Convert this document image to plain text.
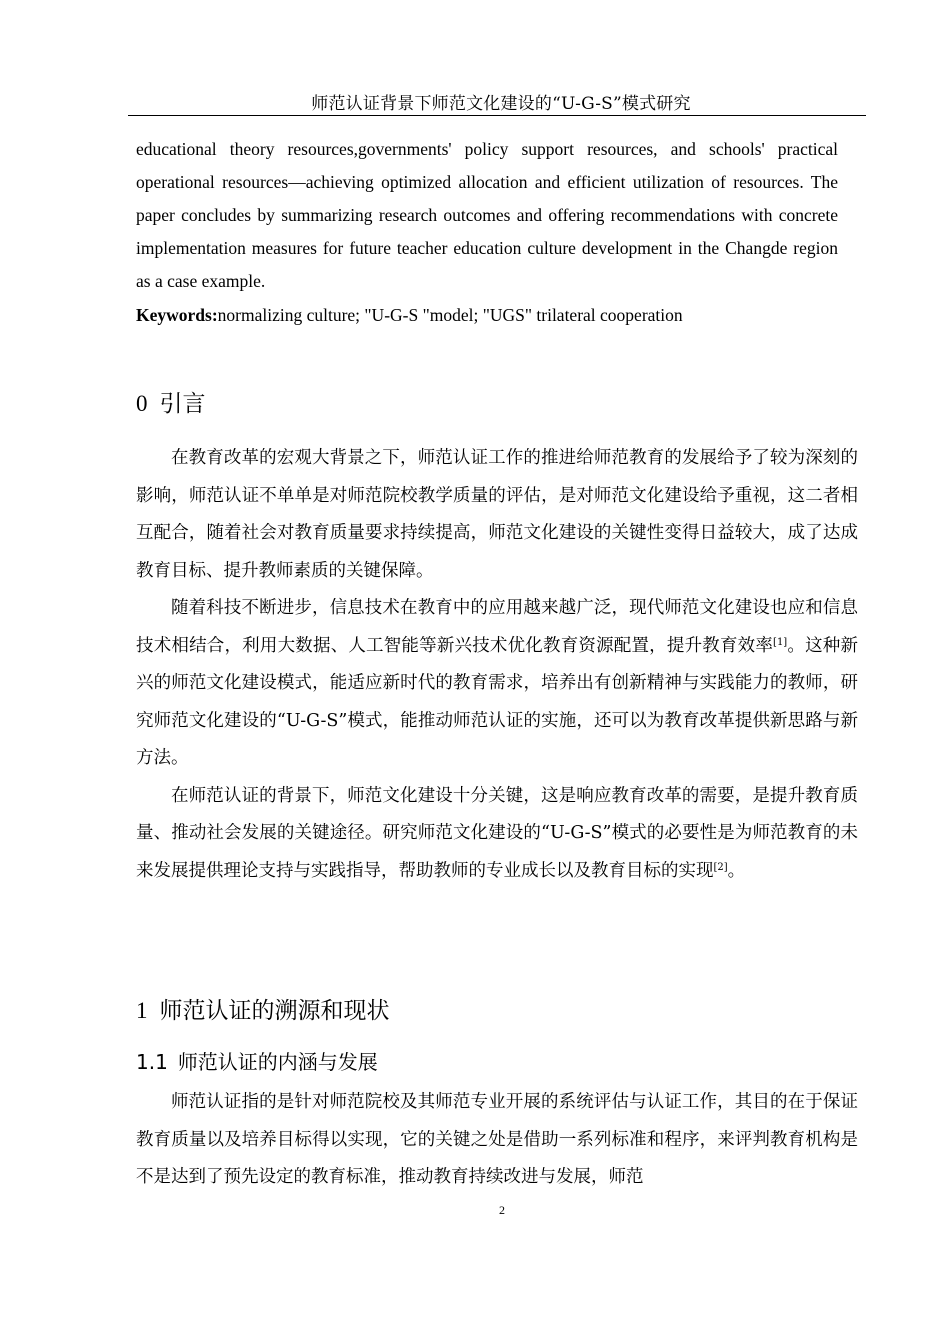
师范认证背景下师范文化建设的“U-G-S”模式研究

educational theory resources,governments' policy support resources, and schools' practical operational resources—achieving optimized allocation and efficient utilization of resources. The paper concludes by summarizing research outcomes and offering recommendations with concrete implementation measures for future teacher education culture development in the Changde region as a case example.

Keywords:normalizing culture; "U-G-S "model; "UGS" trilateral cooperation
0 引言

在教育改革的宏观大背景之下，师范认证工作的推进给师范教育的发展给予了较为深刻的影响，师范认证不单单是对师范院校教学质量的评估，是对师范文化建设给予重视，这二者相互配合，随着社会对教育质量要求持续提高，师范文化建设的关键性变得日益较大，成了达成教育目标、提升教师素质的关键保障。

随着科技不断进步，信息技术在教育中的应用越来越广泛，现代师范文化建设也应和信息技术相结合，利用大数据、人工智能等新兴技术优化教育资源配置，提升教育效率[1]。这种新兴的师范文化建设模式，能适应新时代的教育需求，培养出有创新精神与实践能力的教师，研究师范文化建设的“U-G-S”模式，能推动师范认证的实施，还可以为教育改革提供新思路与新方法。

在师范认证的背景下，师范文化建设十分关键，这是响应教育改革的需要，是提升教育质量、推动社会发展的关键途径。研究师范文化建设的“U-G-S”模式的必要性是为师范教育的未来发展提供理论支持与实践指导，帮助教师的专业成长以及教育目标的实现[2]。

1 师范认证的溯源和现状
1.1 师范认证的内涵与发展

师范认证指的是针对师范院校及其师范专业开展的系统评估与认证工作，其目的在于保证教育质量以及培养目标得以实现，它的关键之处是借助一系列标准和程序，来评判教育机构是不是达到了预先设定的教育标准，推动教育持续改进与发展，师范

2
